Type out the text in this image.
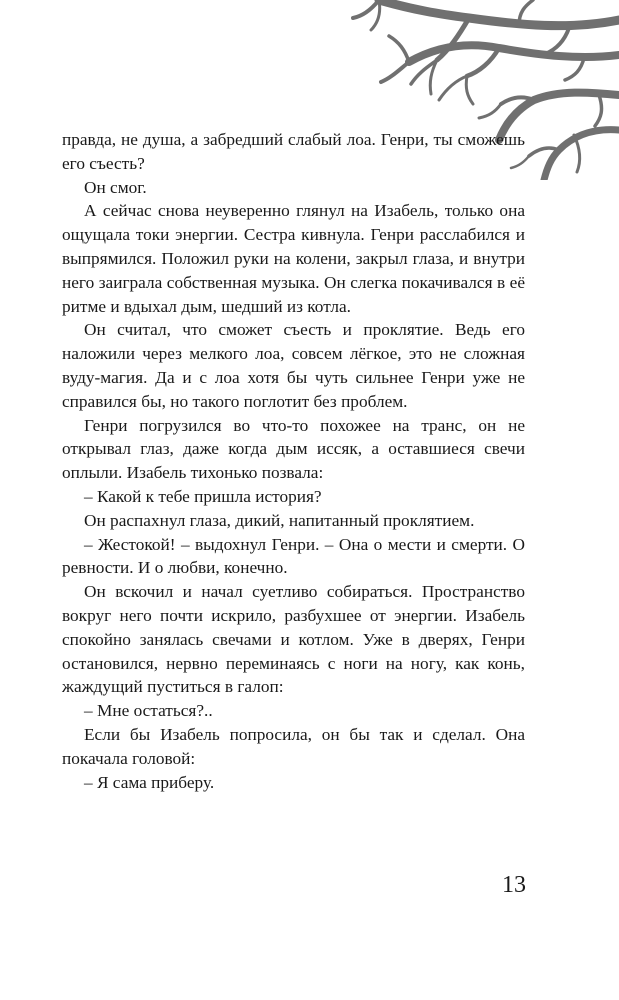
правда, не душа, а забредший слабый лоа. Генри, ты сможешь его съесть?

Он смог.

А сейчас снова неуверенно глянул на Изабель, только она ощущала токи энергии. Сестра кивнула. Генри расслабился и выпрямился. Положил руки на колени, закрыл глаза, и внутри него заиграла собственная музыка. Он слегка покачивался в её ритме и вдыхал дым, шедший из котла.

Он считал, что сможет съесть и проклятие. Ведь его наложили через мелкого лоа, совсем лёгкое, это не сложная вуду-магия. Да и с лоа хотя бы чуть сильнее Генри уже не справился бы, но такого поглотит без проблем.

Генри погрузился во что-то похожее на транс, он не открывал глаз, даже когда дым иссяк, а оставшиеся свечи оплыли. Изабель тихонько позвала:

– Какой к тебе пришла история?

Он распахнул глаза, дикий, напитанный проклятием.

– Жестокой! – выдохнул Генри. – Она о мести и смерти. О ревности. И о любви, конечно.

Он вскочил и начал суетливо собираться. Пространство вокруг него почти искрило, разбухшее от энергии. Изабель спокойно занялась свечами и котлом. Уже в дверях, Генри остановился, нервно переминаясь с ноги на ногу, как конь, жаждущий пуститься в галоп:

– Мне остаться?..

Если бы Изабель попросила, он бы так и сделал. Она покачала головой:

– Я сама приберу.

13
